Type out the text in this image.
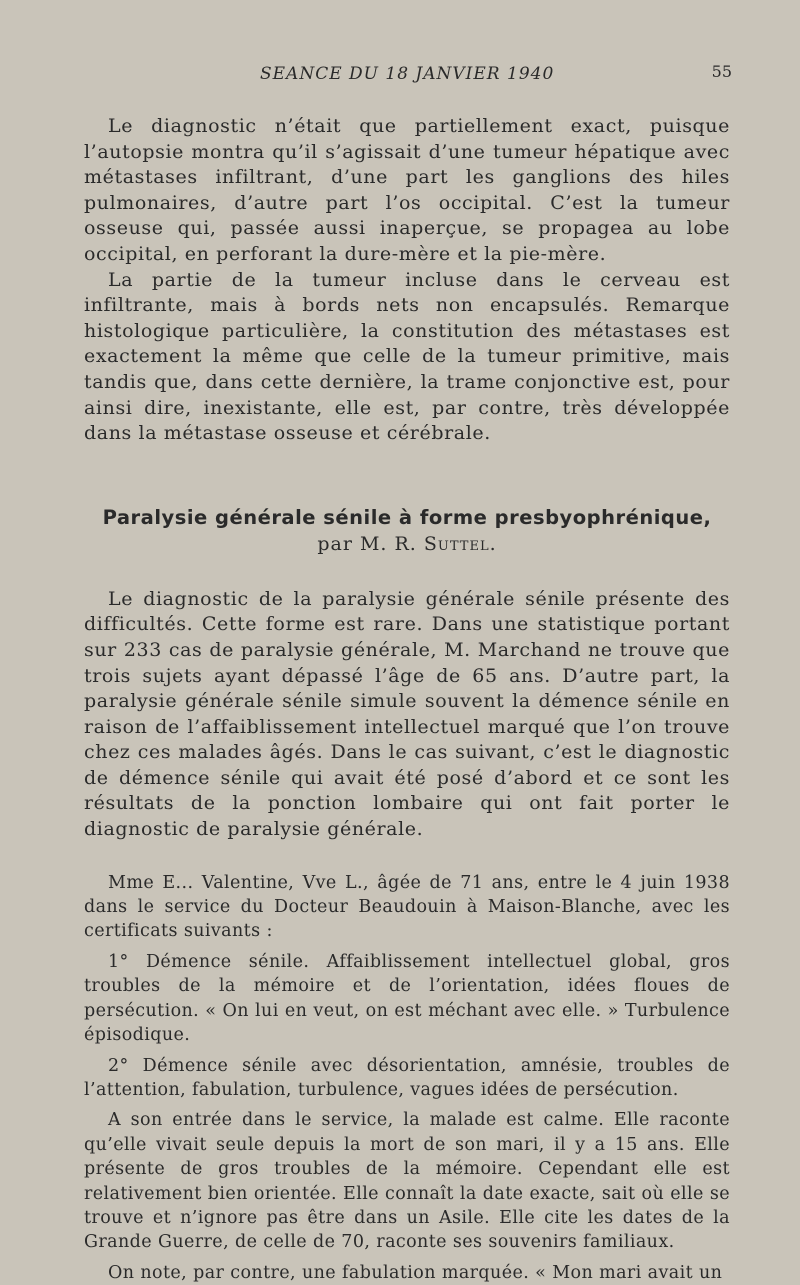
SEANCE DU 18 JANVIER 1940	55

Le diagnostic n’était que partiellement exact, puisque l’autopsie montra qu’il s’agissait d’une tumeur hépatique avec métastases infiltrant, d’une part les ganglions des hiles pulmonaires, d’autre part l’os occipital. C’est la tumeur osseuse qui, passée aussi inaperçue, se propagea au lobe occipital, en perforant la dure-mère et la pie-mère.

La partie de la tumeur incluse dans le cerveau est infiltrante, mais à bords nets non encapsulés. Remarque histologique particulière, la constitution des métastases est exactement la même que celle de la tumeur primitive, mais tandis que, dans cette dernière, la trame conjonctive est, pour ainsi dire, inexistante, elle est, par contre, très développée dans la métastase osseuse et cérébrale.

Paralysie générale sénile à forme presbyophrénique,
par M. R. Suttel.

Le diagnostic de la paralysie générale sénile présente des difficultés. Cette forme est rare. Dans une statistique portant sur 233 cas de paralysie générale, M. Marchand ne trouve que trois sujets ayant dépassé l’âge de 65 ans. D’autre part, la paralysie générale sénile simule souvent la démence sénile en raison de l’affaiblissement intellectuel marqué que l’on trouve chez ces malades âgés. Dans le cas suivant, c’est le diagnostic de démence sénile qui avait été posé d’abord et ce sont les résultats de la ponction lombaire qui ont fait porter le diagnostic de paralysie générale.

Mme E... Valentine, Vve L., âgée de 71 ans, entre le 4 juin 1938 dans le service du Docteur Beaudouin à Maison-Blanche, avec les certificats suivants :

1° Démence sénile. Affaiblissement intellectuel global, gros troubles de la mémoire et de l’orientation, idées floues de persécution. « On lui en veut, on est méchant avec elle. » Turbulence épisodique.

2° Démence sénile avec désorientation, amnésie, troubles de l’attention, fabulation, turbulence, vagues idées de persécution.

A son entrée dans le service, la malade est calme. Elle raconte qu’elle vivait seule depuis la mort de son mari, il y a 15 ans. Elle présente de gros troubles de la mémoire. Cependant elle est relativement bien orientée. Elle connaît la date exacte, sait où elle se trouve et n’ignore pas être dans un Asile. Elle cite les dates de la Grande Guerre, de celle de 70, raconte ses souvenirs familiaux.

On note, par contre, une fabulation marquée. « Mon mari avait un
